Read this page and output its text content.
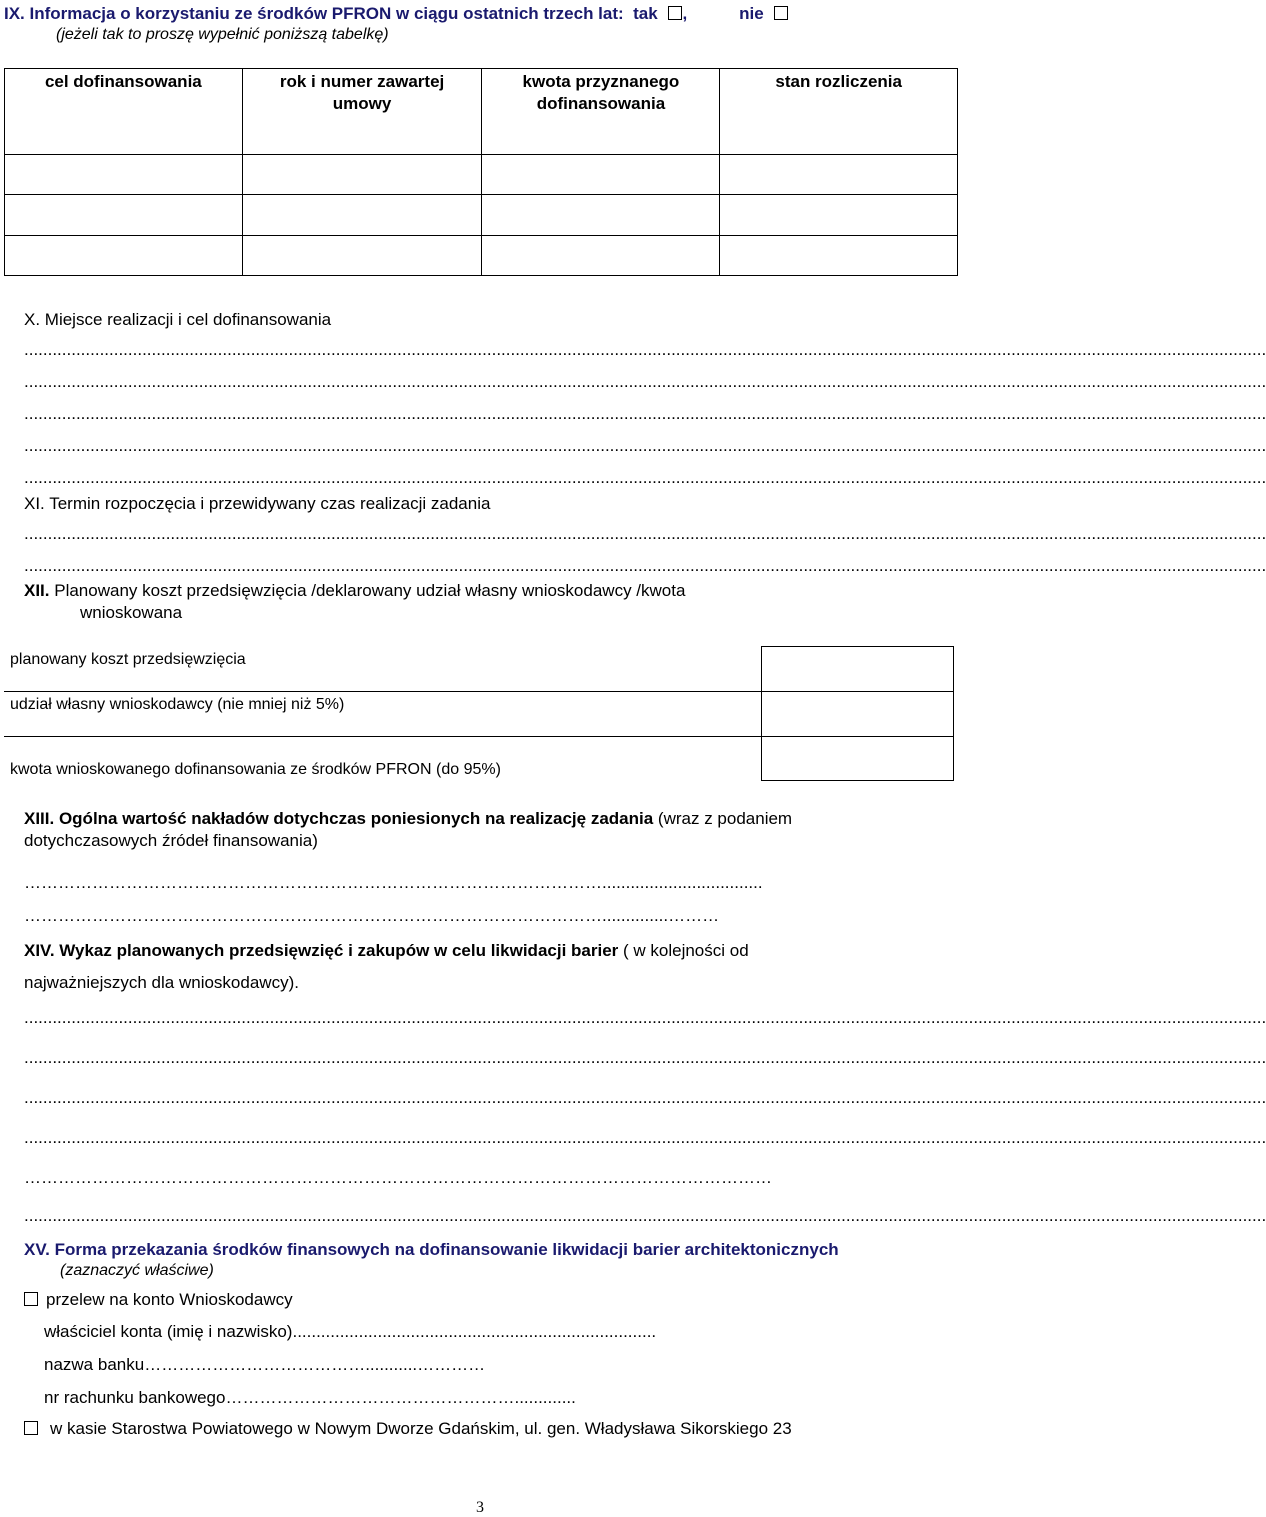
IX. Informacja o korzystaniu ze środków PFRON w ciągu ostatnich trzech lat: tak ,	nie
(jeżeli tak to proszę wypełnić poniższą tabelkę)
cel dofinansowania	rok i numer zawartej umowy	kwota przyznanego dofinansowania	stan rozliczenia

X. Miejsce realizacji i cel dofinansowania
.......................................................................................................................................................................................................................................................................
.......................................................................................................................................................................................................................................................................
.......................................................................................................................................................................................................................................................................
.......................................................................................................................................................................................................................................................................
.......................................................................................................................................................................................................................................................................
XI. Termin rozpoczęcia i przewidywany czas realizacji zadania
.......................................................................................................................................................................................................................................................................
.......................................................................................................................................................................................................................................................................
XII. Planowany koszt przedsięwzięcia /deklarowany udział własny wnioskodawcy /kwota
wnioskowana
planowany koszt przedsięwzięcia	
udział własny wnioskodawcy (nie mniej niż 5%)	
kwota wnioskowanego dofinansowania ze środków PFRON (do 95%)	
XIII. Ogólna wartość nakładów dotychczas poniesionych na realizację zadania (wraz z podaniem
dotychczasowych źródeł finansowania)
…………………………………………………………………………………………..................................
…………………………………………………………………………………………..............………
XIV. Wykaz planowanych przedsięwzięć i zakupów w celu likwidacji barier ( w kolejności od
najważniejszych dla wnioskodawcy).
.......................................................................................................................................................................................................................................................................
.......................................................................................................................................................................................................................................................................
.......................................................................................................................................................................................................................................................................
.......................................................................................................................................................................................................................................................................
……………………………………………………………………………………………………………………
.......................................................................................................................................................................................................................................................................
XV. Forma przekazania środków finansowych na dofinansowanie likwidacji barier architektonicznych
(zaznaczyć właściwe)
przelew na konto Wnioskodawcy
właściciel konta (imię i nazwisko).............................................................................
nazwa banku…………………………………...........…………
nr rachunku bankowego…………………………………………….............
w kasie Starostwa Powiatowego w Nowym Dworze Gdańskim, ul. gen. Władysława Sikorskiego 23
3
